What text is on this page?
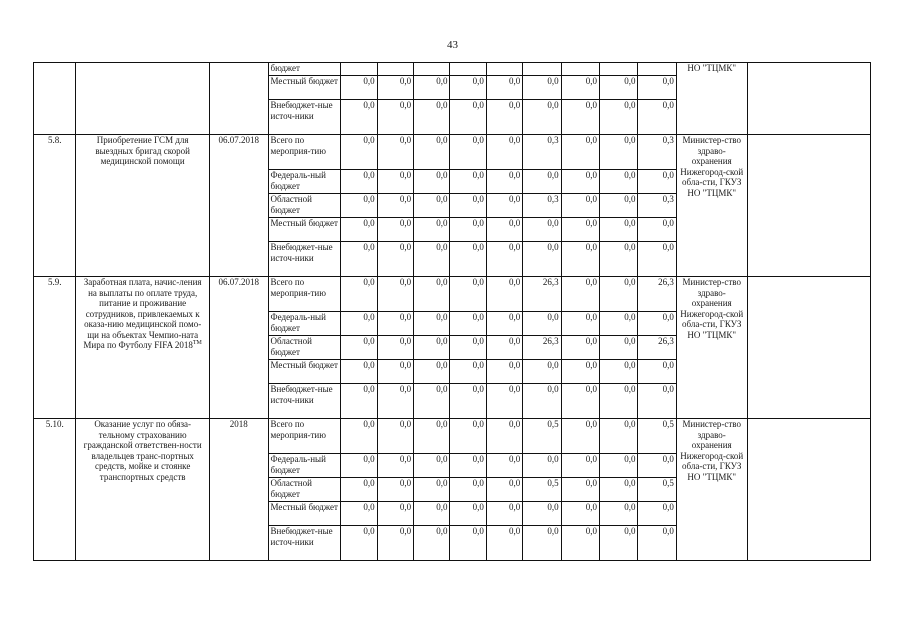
43
			бюджет										НО "ТЦМК"	
			Местный бюджет	0,0	0,0	0,0	0,0	0,0	0,0	0,0	0,0	0,0		
			Внебюджет-ные источ-ники	0,0	0,0	0,0	0,0	0,0	0,0	0,0	0,0	0,0		
5.8.	Приобретение ГСМ для выездных бригад скорой медицинской помощи	06.07.2018	Всего по мероприя-тию	0,0	0,0	0,0	0,0	0,0	0,3	0,0	0,0	0,3	Министер-ство здраво-охранения Нижегород-ской обла-сти, ГКУЗ НО "ТЦМК"	
			Федераль-ный бюджет	0,0	0,0	0,0	0,0	0,0	0,0	0,0	0,0	0,0		
			Областной бюджет	0,0	0,0	0,0	0,0	0,0	0,3	0,0	0,0	0,3		
			Местный бюджет	0,0	0,0	0,0	0,0	0,0	0,0	0,0	0,0	0,0		
			Внебюджет-ные источ-ники	0,0	0,0	0,0	0,0	0,0	0,0	0,0	0,0	0,0		
5.9.	Заработная плата, начис-ления на выплаты по оплате труда, питание и проживание сотрудников, привлекаемых к оказа-нию медицинской помо-щи на объектах Чемпио-ната Мира по Футболу FIFA 2018™	06.07.2018	Всего по мероприя-тию	0,0	0,0	0,0	0,0	0,0	26,3	0,0	0,0	26,3	Министер-ство здраво-охранения Нижегород-ской обла-сти, ГКУЗ НО "ТЦМК"	
			Федераль-ный бюджет	0,0	0,0	0,0	0,0	0,0	0,0	0,0	0,0	0,0		
			Областной бюджет	0,0	0,0	0,0	0,0	0,0	26,3	0,0	0,0	26,3		
			Местный бюджет	0,0	0,0	0,0	0,0	0,0	0,0	0,0	0,0	0,0		
			Внебюджет-ные источ-ники	0,0	0,0	0,0	0,0	0,0	0,0	0,0	0,0	0,0		
5.10.	Оказание услуг по обяза-тельному страхованию гражданской ответствен-ности владельцев транс-портных средств, мойке и стоянке транспортных средств	2018	Всего по мероприя-тию	0,0	0,0	0,0	0,0	0,0	0,5	0,0	0,0	0,5	Министер-ство здраво-охранения Нижегород-ской обла-сти, ГКУЗ НО "ТЦМК"	
			Федераль-ный бюджет	0,0	0,0	0,0	0,0	0,0	0,0	0,0	0,0	0,0		
			Областной бюджет	0,0	0,0	0,0	0,0	0,0	0,5	0,0	0,0	0,5		
			Местный бюджет	0,0	0,0	0,0	0,0	0,0	0,0	0,0	0,0	0,0		
			Внебюджет-ные источ-ники	0,0	0,0	0,0	0,0	0,0	0,0	0,0	0,0	0,0		
